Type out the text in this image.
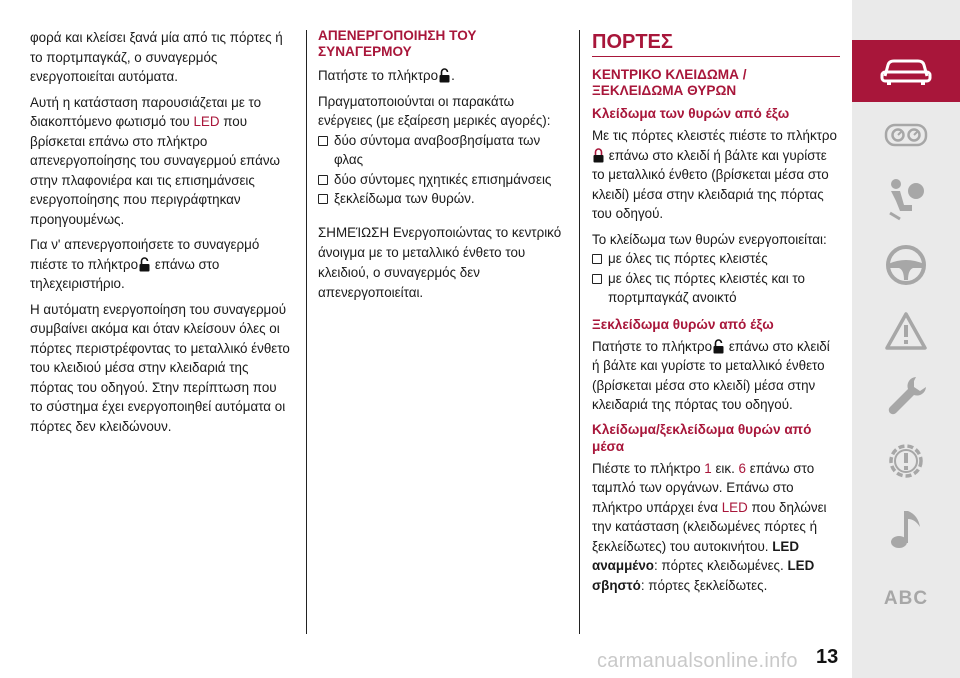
φορά και κλείσει ξανά μία από τις πόρτες ή το πορτμπαγκάζ, ο συναγερμός ενεργοποιείται αυτόματα.

Αυτή η κατάσταση παρουσιάζεται με το διακοπτόμενο φωτισμό του LED που βρίσκεται επάνω στο πλήκτρο απενεργοποίησης του συναγερμού επάνω στην πλαφονιέρα και τις επισημάνσεις ενεργοποίησης που περιγράφτηκαν προηγουμένως.

Για ν' απενεργοποιήσετε το συναγερμό πιέστε το πλήκτρο επάνω στο τηλεχειριστήριο.

Η αυτόματη ενεργοποίηση του συναγερμού συμβαίνει ακόμα και όταν κλείσουν όλες οι πόρτες περιστρέφοντας το μεταλλικό ένθετο του κλειδιού μέσα στην κλειδαριά της πόρτας του οδηγού. Στην περίπτωση που το σύστημα έχει ενεργοποιηθεί αυτόματα οι πόρτες δεν κλειδώνουν.

ΑΠΕΝΕΡΓΟΠΟΙΗΣΗ ΤΟΥ ΣΥΝΑΓΕΡΜΟΥ

Πατήστε το πλήκτρο .

Πραγματοποιούνται οι παρακάτω ενέργειες (με εξαίρεση μερικές αγορές):
δύο σύντομα αναβοσβησίματα των φλας
δύο σύντομες ηχητικές επισημάνσεις
ξεκλείδωμα των θυρών.

ΣΗΜΕΊΩΣΗ Ενεργοποιώντας το κεντρικό άνοιγμα με το μεταλλικό ένθετο του κλειδιού, ο συναγερμός δεν απενεργοποιείται.

ΠΟΡΤΕΣ
ΚΕΝΤΡΙΚΟ ΚΛΕΙΔΩΜΑ / ΞΕΚΛΕΙΔΩΜΑ ΘΥΡΩΝ
Κλείδωμα των θυρών από έξω

Με τις πόρτες κλειστές πιέστε το πλήκτρο επάνω στο κλειδί ή βάλτε και γυρίστε το μεταλλικό ένθετο (βρίσκεται μέσα στο κλειδί) μέσα στην κλειδαριά της πόρτας του οδηγού.

Το κλείδωμα των θυρών ενεργοποιείται:
με όλες τις πόρτες κλειστές
με όλες τις πόρτες κλειστές και το πορτμπαγκάζ ανοικτό
Ξεκλείδωμα θυρών από έξω

Πατήστε το πλήκτρο επάνω στο κλειδί ή βάλτε και γυρίστε το μεταλλικό ένθετο (βρίσκεται μέσα στο κλειδί) μέσα στην κλειδαριά της πόρτας του οδηγού.

Κλείδωμα/ξεκλείδωμα θυρών από μέσα

Πιέστε το πλήκτρο 1 εικ. 6 επάνω στο ταμπλό των οργάνων. Επάνω στο πλήκτρο υπάρχει ένα LED που δηλώνει την κατάσταση (κλειδωμένες πόρτες ή ξεκλείδωτες) του αυτοκινήτου. LED αναμμένο: πόρτες κλειδωμένες. LED σβηστό: πόρτες ξεκλείδωτες.

ABC
carmanualsonline.info 13
